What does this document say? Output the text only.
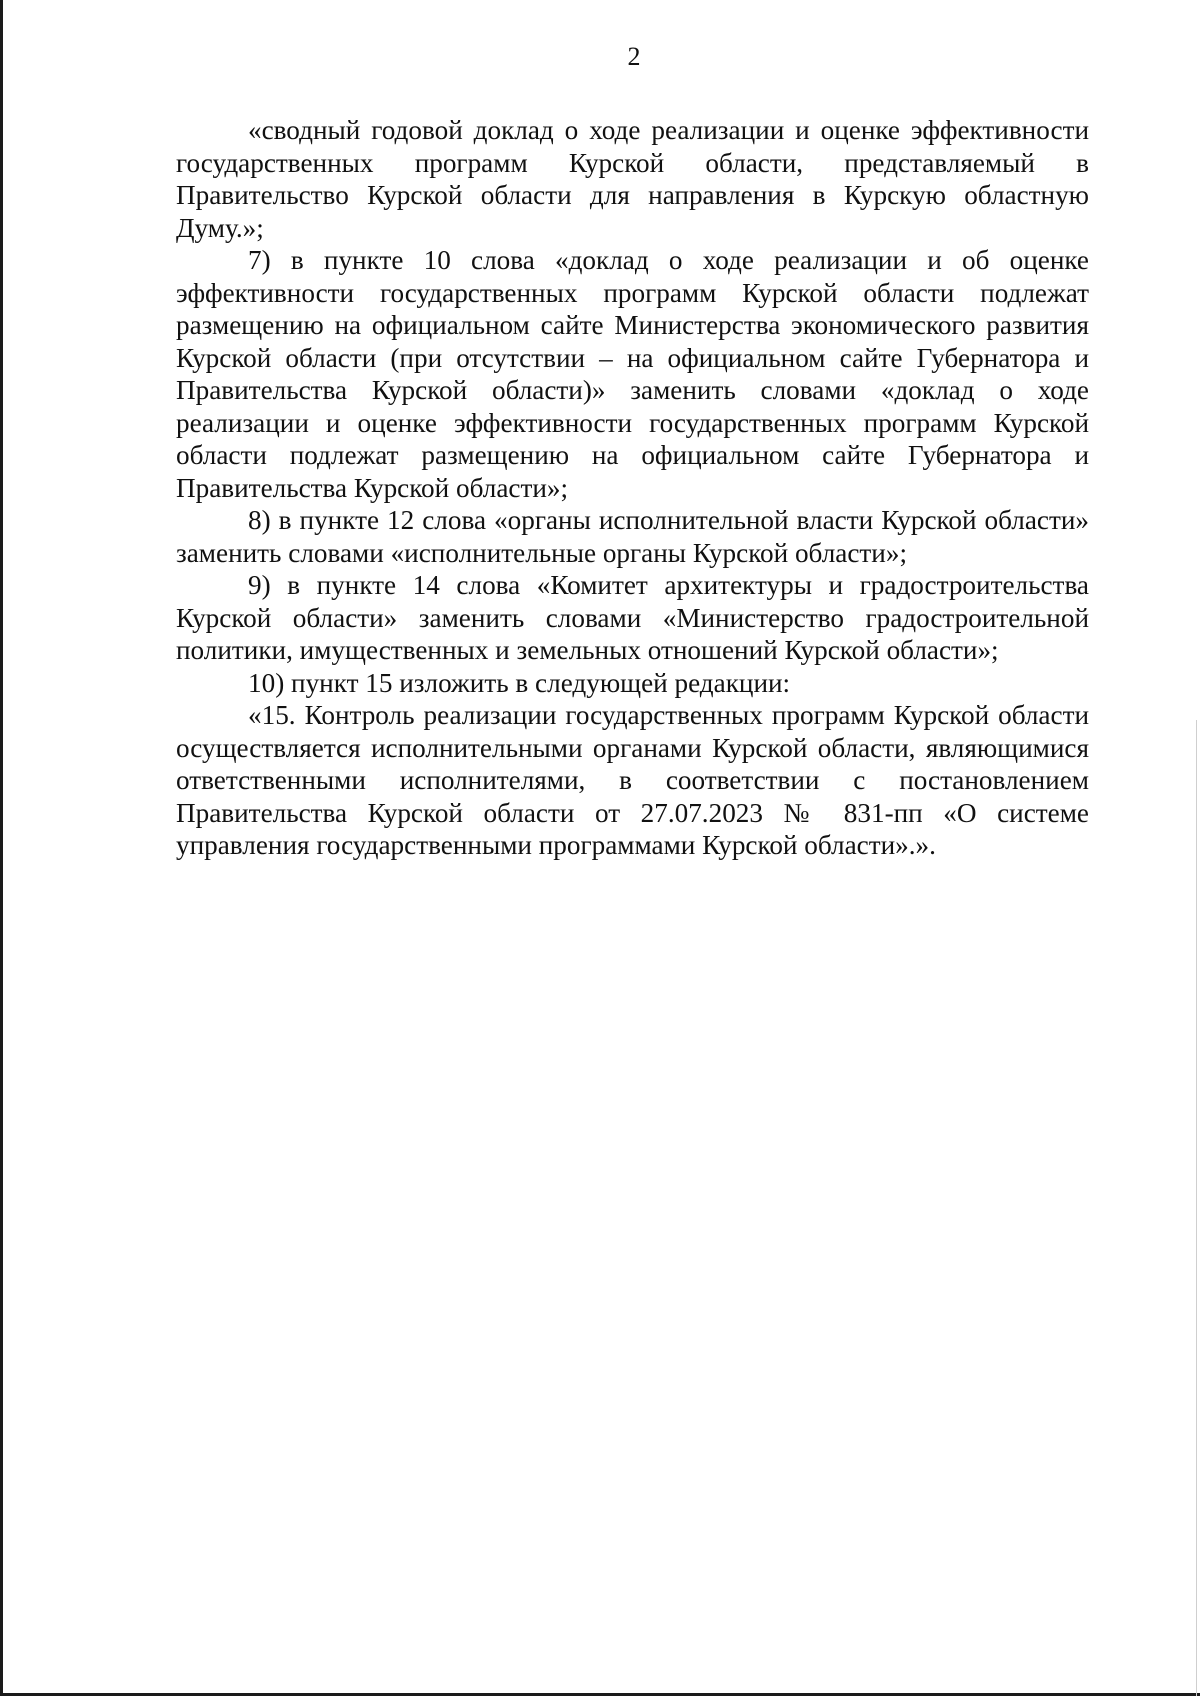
2

«сводный годовой доклад о ходе реализации и оценке эффективности государственных программ Курской области, представляемый в Правительство Курской области для направления в Курскую областную Думу.»;

7) в пункте 10 слова «доклад о ходе реализации и об оценке эффективности государственных программ Курской области подлежат размещению на официальном сайте Министерства экономического развития Курской области (при отсутствии – на официальном сайте Губернатора и Правительства Курской области)» заменить словами «доклад о ходе реализации и оценке эффективности государственных программ Курской области подлежат размещению на официальном сайте Губернатора и Правительства Курской области»;

8) в пункте 12 слова «органы исполнительной власти Курской области» заменить словами «исполнительные органы Курской области»;

9) в пункте 14 слова «Комитет архитектуры и градостроительства Курской области» заменить словами «Министерство градостроительной политики, имущественных и земельных отношений Курской области»;

10) пункт 15 изложить в следующей редакции:

«15. Контроль реализации государственных программ Курской области осуществляется исполнительными органами Курской области, являющимися ответственными исполнителями, в соответствии с постановлением Правительства Курской области от 27.07.2023 № 831-пп «О системе управления государственными программами Курской области».».
